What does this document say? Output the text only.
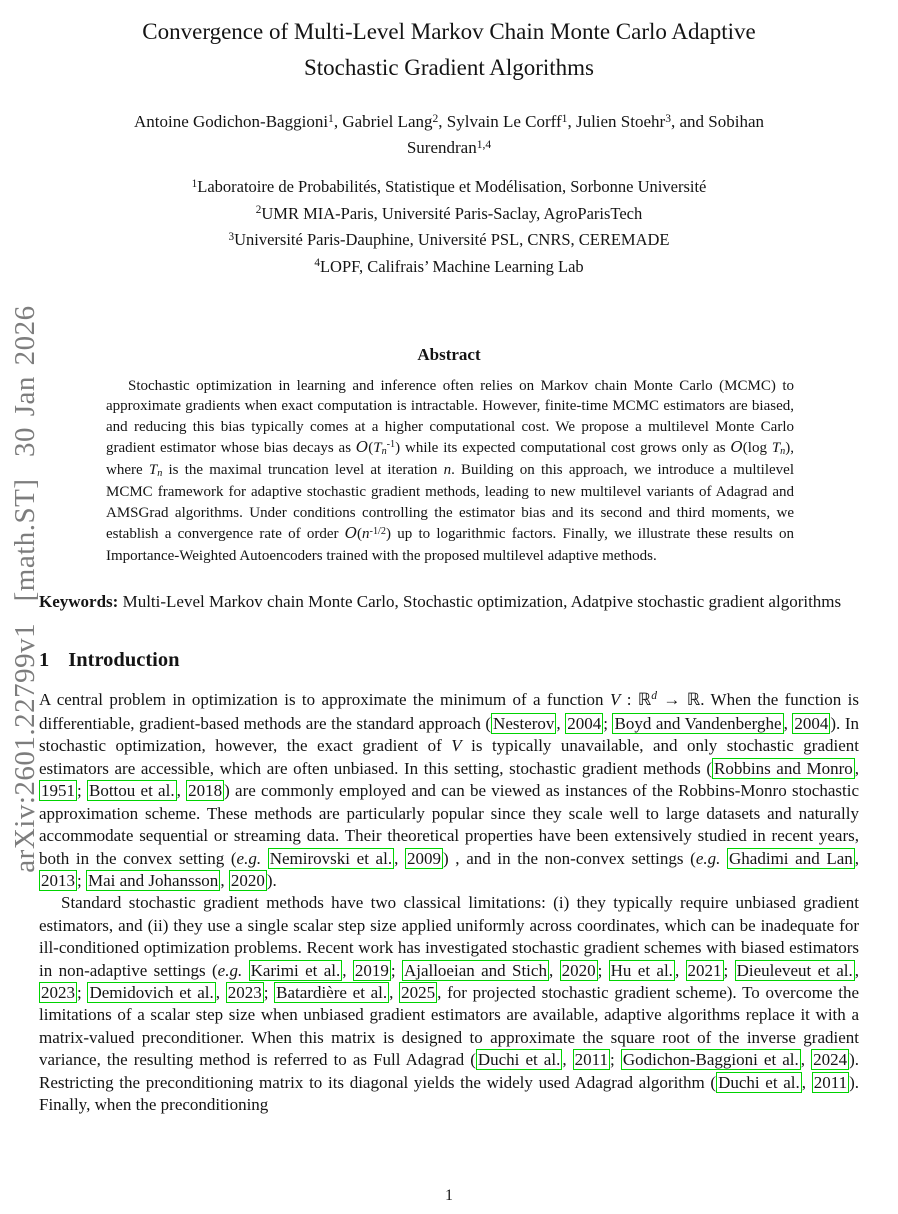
arXiv:2601.22799v1  [math.ST]  30 Jan 2026
Convergence of Multi-Level Markov Chain Monte Carlo Adaptive
Stochastic Gradient Algorithms
Antoine Godichon-Baggioni$^1$, Gabriel Lang$^2$, Sylvain Le Corff$^1$, Julien Stoehr$^3$, and Sobihan
Surendran$^{1,4}$
$^1$Laboratoire de Probabilités, Statistique et Modélisation, Sorbonne Université
$^2$UMR MIA-Paris, Université Paris-Saclay, AgroParisTech
$^3$Université Paris-Dauphine, Université PSL, CNRS, CEREMADE
$^4$LOPF, Califrais’ Machine Learning Lab
Abstract
Stochastic optimization in learning and inference often relies on Markov chain Monte Carlo (MCMC) to approximate gradients when exact computation is intractable. However, finite-time MCMC estimators are biased, and reducing this bias typically comes at a higher computational cost. We propose a multilevel Monte Carlo gradient estimator whose bias decays as $O(Tn^{-1})$ while its expected computational cost grows only as O(log Tn), where Tn is the maximal truncation level at iteration n. Building on this approach, we introduce a multilevel MCMC framework for adaptive stochastic gradient methods, leading to new multilevel variants of Adagrad and AMSGrad algorithms. Under conditions controlling the estimator bias and its second and third moments, we establish a convergence rate of order $O(n^{-1/2})$ up to logarithmic factors. Finally, we illustrate these results on Importance-Weighted Autoencoders trained with the proposed multilevel adaptive methods.
Keywords: Multi-Level Markov chain Monte Carlo, Stochastic optimization, Adatpive stochastic gradient algorithms
1 Introduction
A central problem in optimization is to approximate the minimum of a function V : ℝ$^d$ → ℝ. When the function is differentiable, gradient-based methods are the standard approach ( Nesterov , 2004 ; Boyd and Vandenberghe , 2004 ). In stochastic optimization, however, the exact gradient of V is typically unavailable, and only stochastic gradient estimators are accessible, which are often unbiased. In this setting, stochastic gradient methods ( Robbins and Monro , 1951 ; Bottou et al. , 2018 ) are commonly employed and can be viewed as instances of the Robbins-Monro stochastic approximation scheme. These methods are particularly popular since they scale well to large datasets and naturally accommodate sequential or streaming data. Their theoretical properties have been extensively studied in recent years, both in the convex setting (e.g. Nemirovski et al. , 2009 ) , and in the non-convex settings (e.g. Ghadimi and Lan , 2013 ; Mai and Johansson , 2020 ).
Standard stochastic gradient methods have two classical limitations: (i) they typically require unbiased gradient estimators, and (ii) they use a single scalar step size applied uniformly across coordinates, which can be inadequate for ill-conditioned optimization problems. Recent work has investigated stochastic gradient schemes with biased estimators in non-adaptive settings (e.g. Karimi et al. , 2019 ; Ajalloeian and Stich , 2020 ; Hu et al. , 2021 ; Dieuleveut et al. , 2023 ; Demidovich et al. , 2023 ; Batardière et al. , 2025 , for projected stochastic gradient scheme). To overcome the limitations of a scalar step size when unbiased gradient estimators are available, adaptive algorithms replace it with a matrix-valued preconditioner. When this matrix is designed to approximate the square root of the inverse gradient variance, the resulting method is referred to as Full Adagrad ( Duchi et al. , 2011 ; Godichon-Baggioni et al. , 2024 ). Restricting the preconditioning matrix to its diagonal yields the widely used Adagrad algorithm ( Duchi et al. , 2011 ). Finally, when the preconditioning
1
